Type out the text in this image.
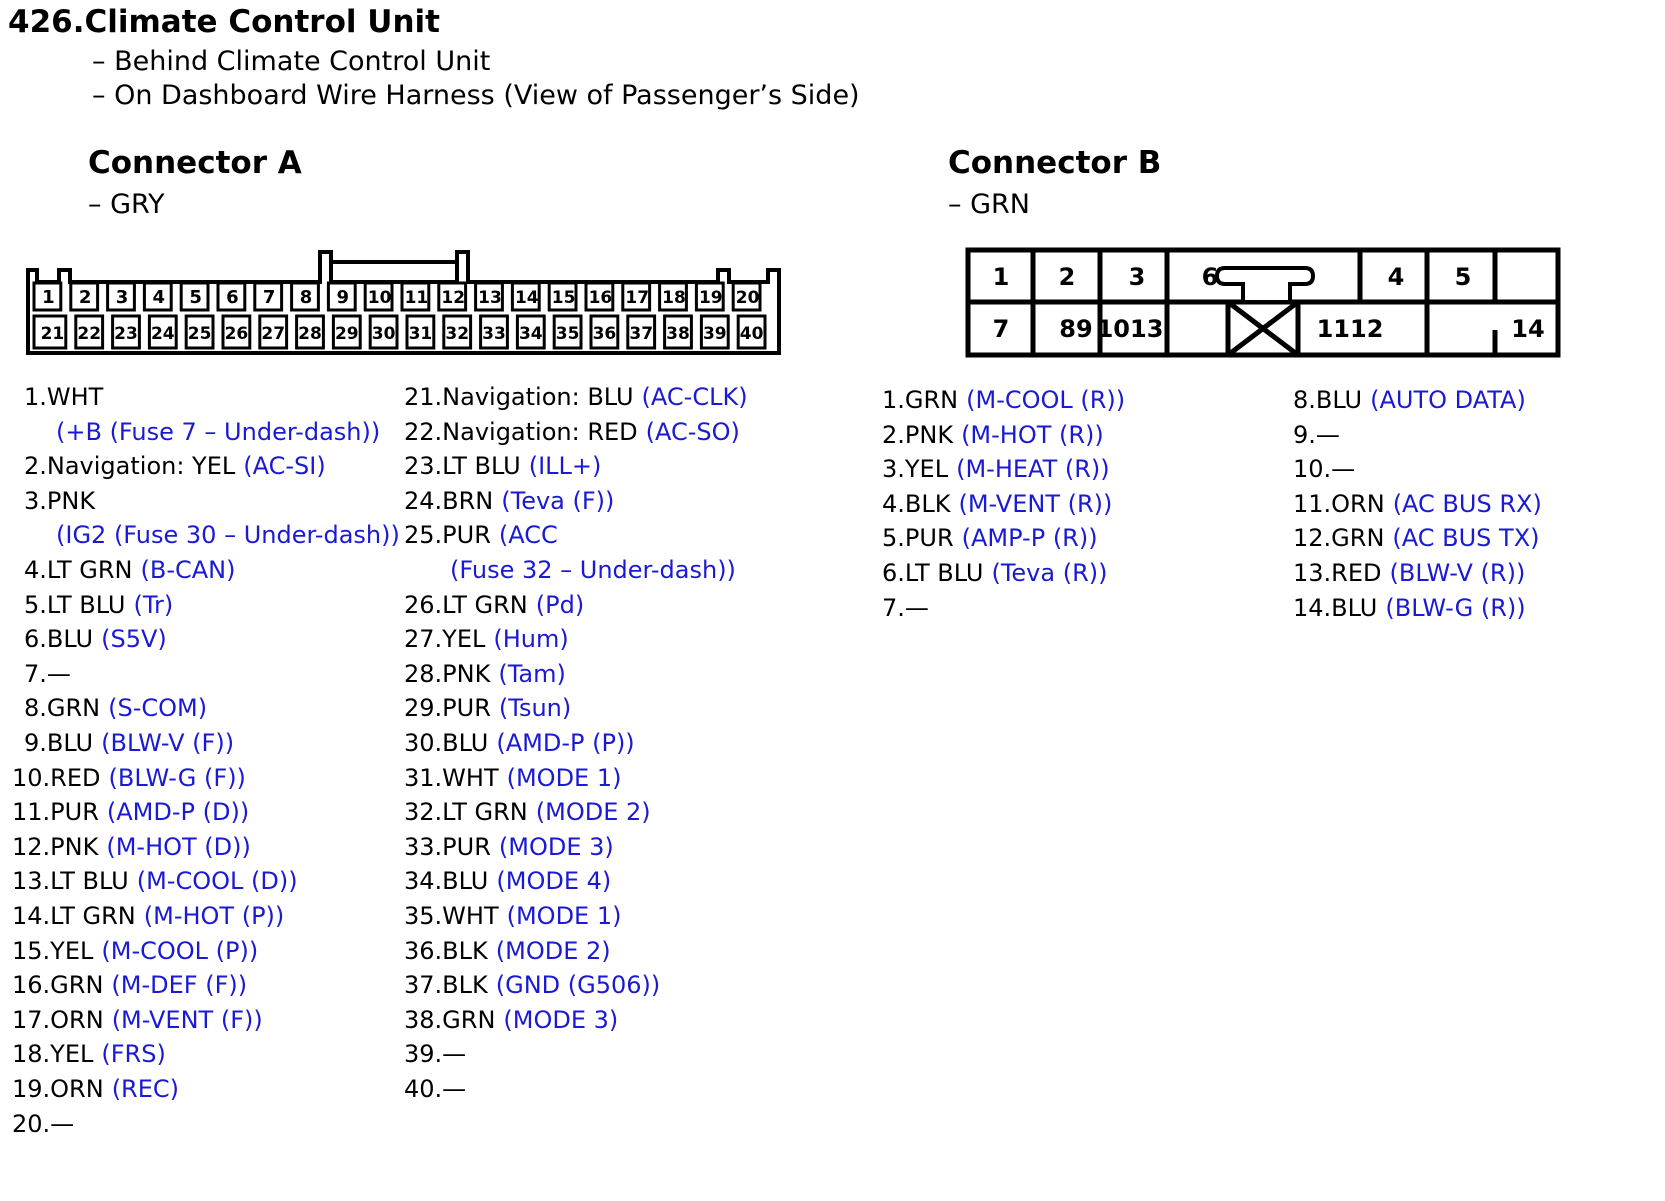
426.Climate Control Unit
– Behind Climate Control Unit
– On Dashboard Wire Harness (View of Passenger’s Side)
Connector A
– GRY
Connector B
– GRN
1 2 3 4 5 6 7 8 9 10 11 12 13 14 15 16 17 18 19 20
21 22 23 24 25 26 27 28 29 30 31 32 33 34 35 36 37 38 39 40
1 2 3 6	4 5
7 89 1013	1112	14
1.WHT
(+B (Fuse 7 – Under-dash))
2.Navigation: YEL (AC-SI)
3.PNK
(IG2 (Fuse 30 – Under-dash))
4.LT GRN (B-CAN)
5.LT BLU (Tr)
6.BLU (S5V)
7.—
8.GRN (S-COM)
9.BLU (BLW-V (F))
10.RED (BLW-G (F))
11.PUR (AMD-P (D))
12.PNK (M-HOT (D))
13.LT BLU (M-COOL (D))
14.LT GRN (M-HOT (P))
15.YEL (M-COOL (P))
16.GRN (M-DEF (F))
17.ORN (M-VENT (F))
18.YEL (FRS)
19.ORN (REC)
20.—
21.Navigation: BLU (AC-CLK)
22.Navigation: RED (AC-SO)
23.LT BLU (ILL+)
24.BRN (Teva (F))
25.PUR (ACC
(Fuse 32 – Under-dash))
26.LT GRN (Pd)
27.YEL (Hum)
28.PNK (Tam)
29.PUR (Tsun)
30.BLU (AMD-P (P))
31.WHT (MODE 1)
32.LT GRN (MODE 2)
33.PUR (MODE 3)
34.BLU (MODE 4)
35.WHT (MODE 1)
36.BLK (MODE 2)
37.BLK (GND (G506))
38.GRN (MODE 3)
39.—
40.—
1.GRN (M-COOL (R))
2.PNK (M-HOT (R))
3.YEL (M-HEAT (R))
4.BLK (M-VENT (R))
5.PUR (AMP-P (R))
6.LT BLU (Teva (R))
7.—
8.BLU (AUTO DATA)
9.—
10.—
11.ORN (AC BUS RX)
12.GRN (AC BUS TX)
13.RED (BLW-V (R))
14.BLU (BLW-G (R))
